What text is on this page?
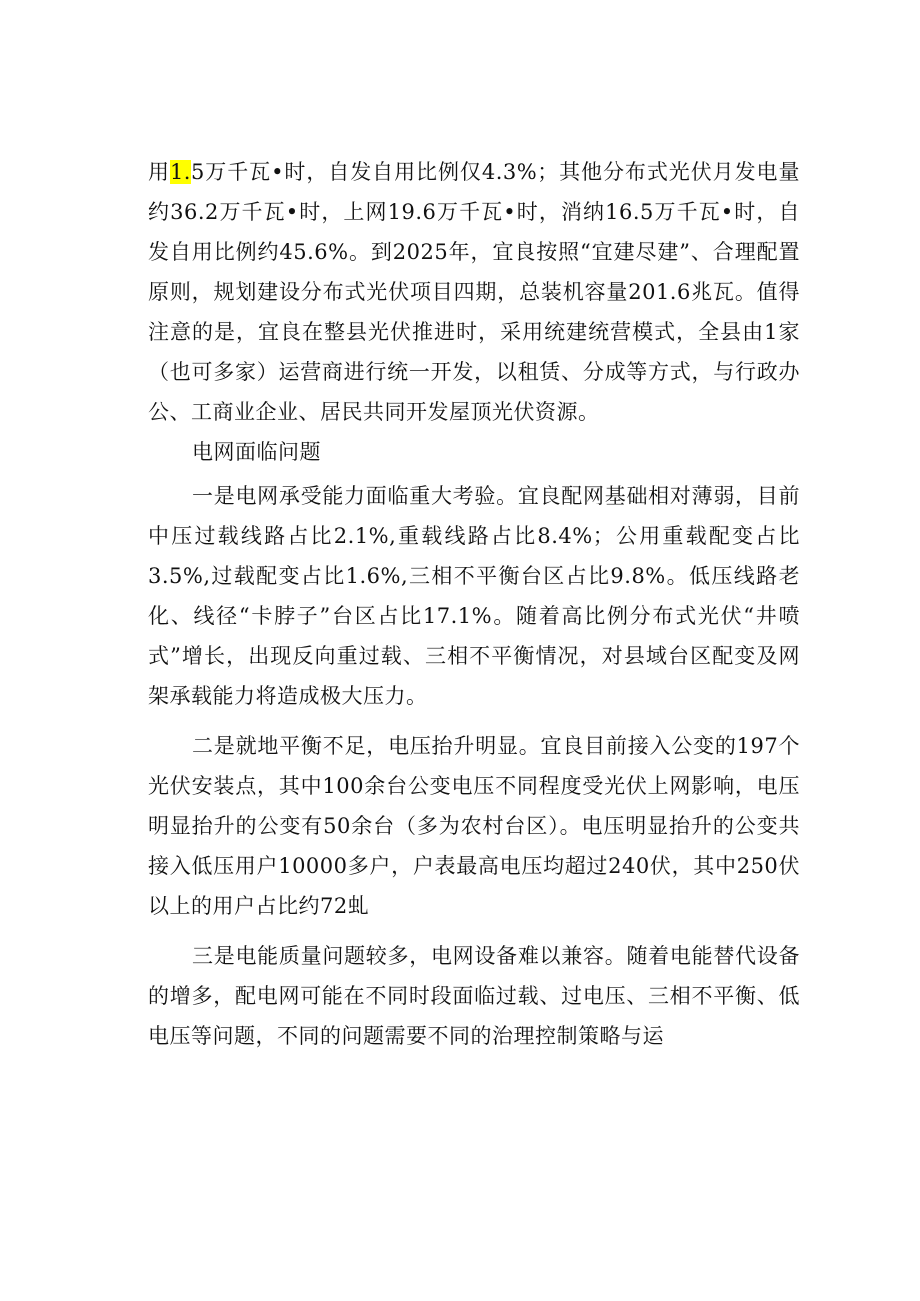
用1.5万千瓦•时，自发自用比例仅4.3%；其他分布式光伏月发电量约36.2万千瓦•时，上网19.6万千瓦•时，消纳16.5万千瓦•时，自发自用比例约45.6%。到2025年，宜良按照“宜建尽建”、合理配置原则，规划建设分布式光伏项目四期，总装机容量201.6兆瓦。值得注意的是，宜良在整县光伏推进时，采用统建统营模式，全县由1家（也可多家）运营商进行统一开发，以租赁、分成等方式，与行政办公、工商业企业、居民共同开发屋顶光伏资源。

电网面临问题

一是电网承受能力面临重大考验。宜良配网基础相对薄弱，目前中压过载线路占比2.1%,重载线路占比8.4%；公用重载配变占比3.5%,过载配变占比1.6%,三相不平衡台区占比9.8%。低压线路老化、线径“卡脖子”台区占比17.1%。随着高比例分布式光伏“井喷式”增长，出现反向重过载、三相不平衡情况，对县域台区配变及网架承载能力将造成极大压力。

二是就地平衡不足，电压抬升明显。宜良目前接入公变的197个光伏安装点，其中100余台公变电压不同程度受光伏上网影响，电压明显抬升的公变有50余台（多为农村台区）。电压明显抬升的公变共接入低压用户10000多户，户表最高电压均超过240伏，其中250伏以上的用户占比约72虬

三是电能质量问题较多，电网设备难以兼容。随着电能替代设备的增多，配电网可能在不同时段面临过载、过电压、三相不平衡、低电压等问题，不同的问题需要不同的治理控制策略与运
